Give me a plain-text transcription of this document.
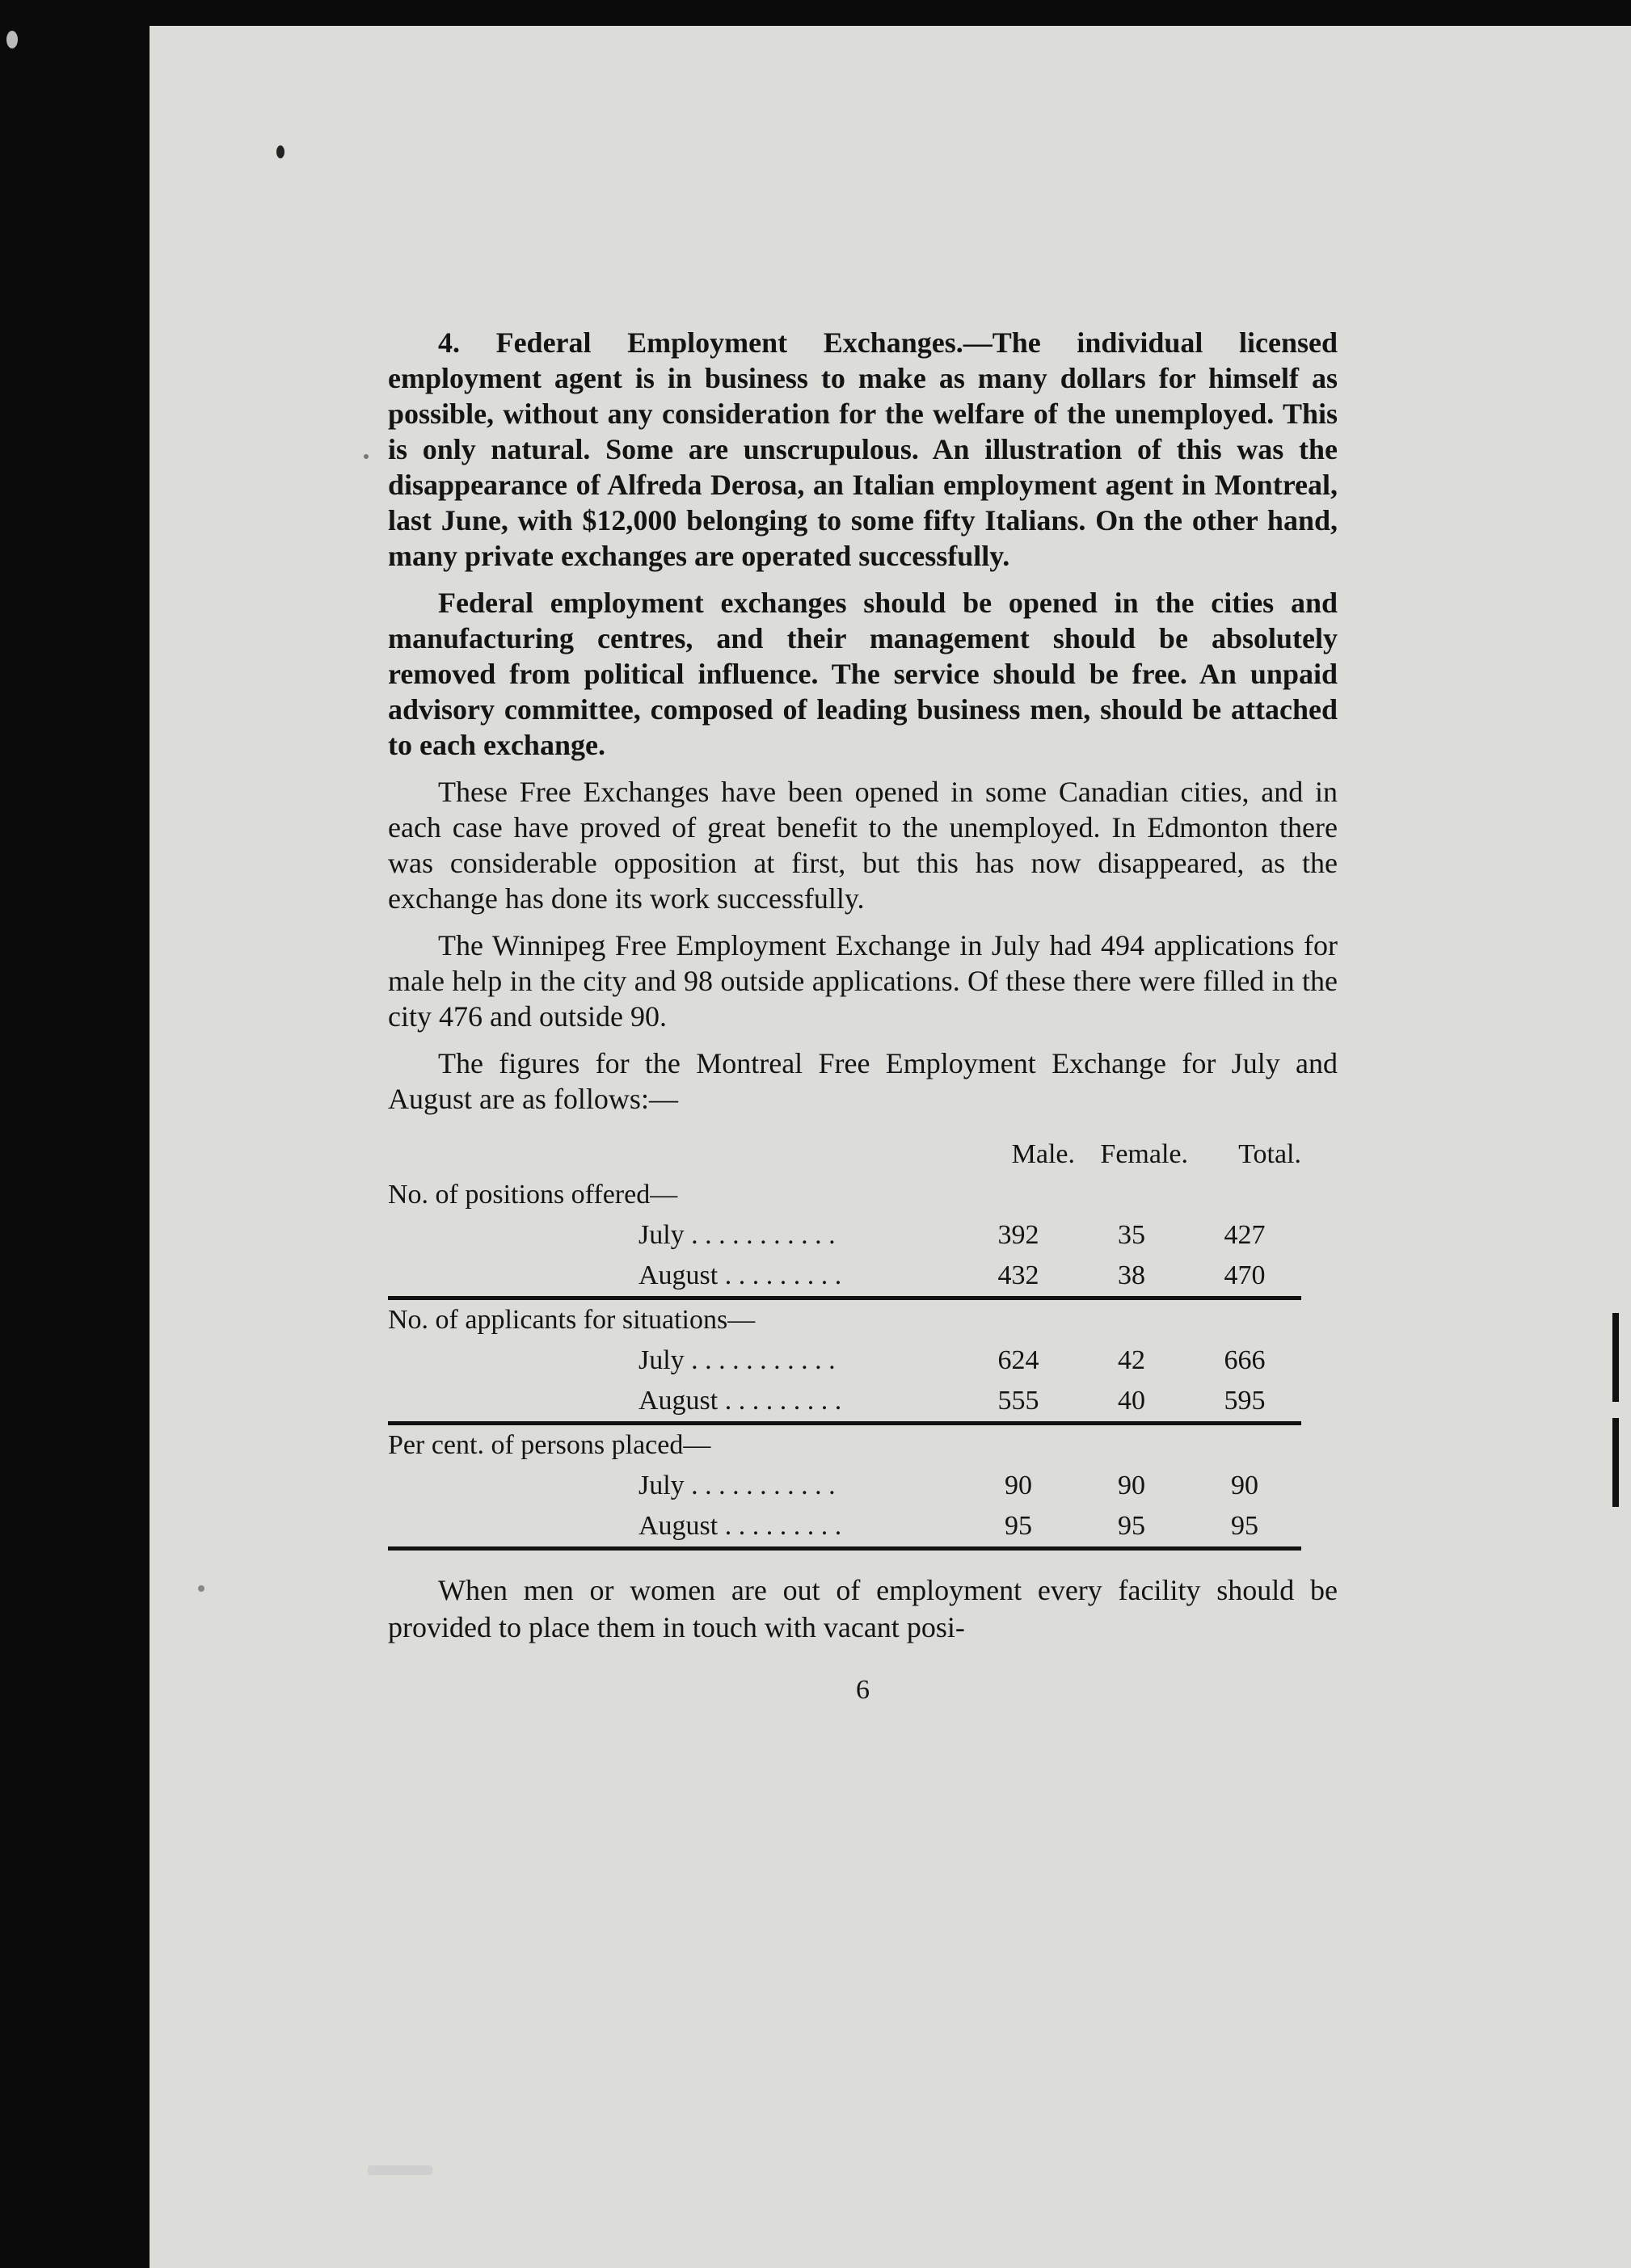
4. Federal Employment Exchanges.—The individual licensed employment agent is in business to make as many dollars for himself as possible, without any consideration for the welfare of the unemployed. This is only natural. Some are unscrupulous. An illustration of this was the disappearance of Alfreda Derosa, an Italian employment agent in Montreal, last June, with $12,000 belonging to some fifty Italians. On the other hand, many private exchanges are operated successfully.

Federal employment exchanges should be opened in the cities and manufacturing centres, and their management should be absolutely removed from political influence. The service should be free. An unpaid advisory committee, composed of leading business men, should be attached to each exchange.

These Free Exchanges have been opened in some Canadian cities, and in each case have proved of great benefit to the unemployed. In Edmonton there was considerable opposition at first, but this has now disappeared, as the exchange has done its work successfully.

The Winnipeg Free Employment Exchange in July had 494 applications for male help in the city and 98 outside applications. Of these there were filled in the city 476 and outside 90.

The figures for the Montreal Free Employment Exchange for July and August are as follows:—

	Male.	Female.	Total.
No. of positions offered—			
July . . . . . . . . . . .	392	35	427
August . . . . . . . . .	432	38	470
No. of applicants for situations—			
July . . . . . . . . . . .	624	42	666
August . . . . . . . . .	555	40	595
Per cent. of persons placed—			
July . . . . . . . . . . .	90	90	90
August . . . . . . . . .	95	95	95

When men or women are out of employment every facility should be provided to place them in touch with vacant posi-

6
